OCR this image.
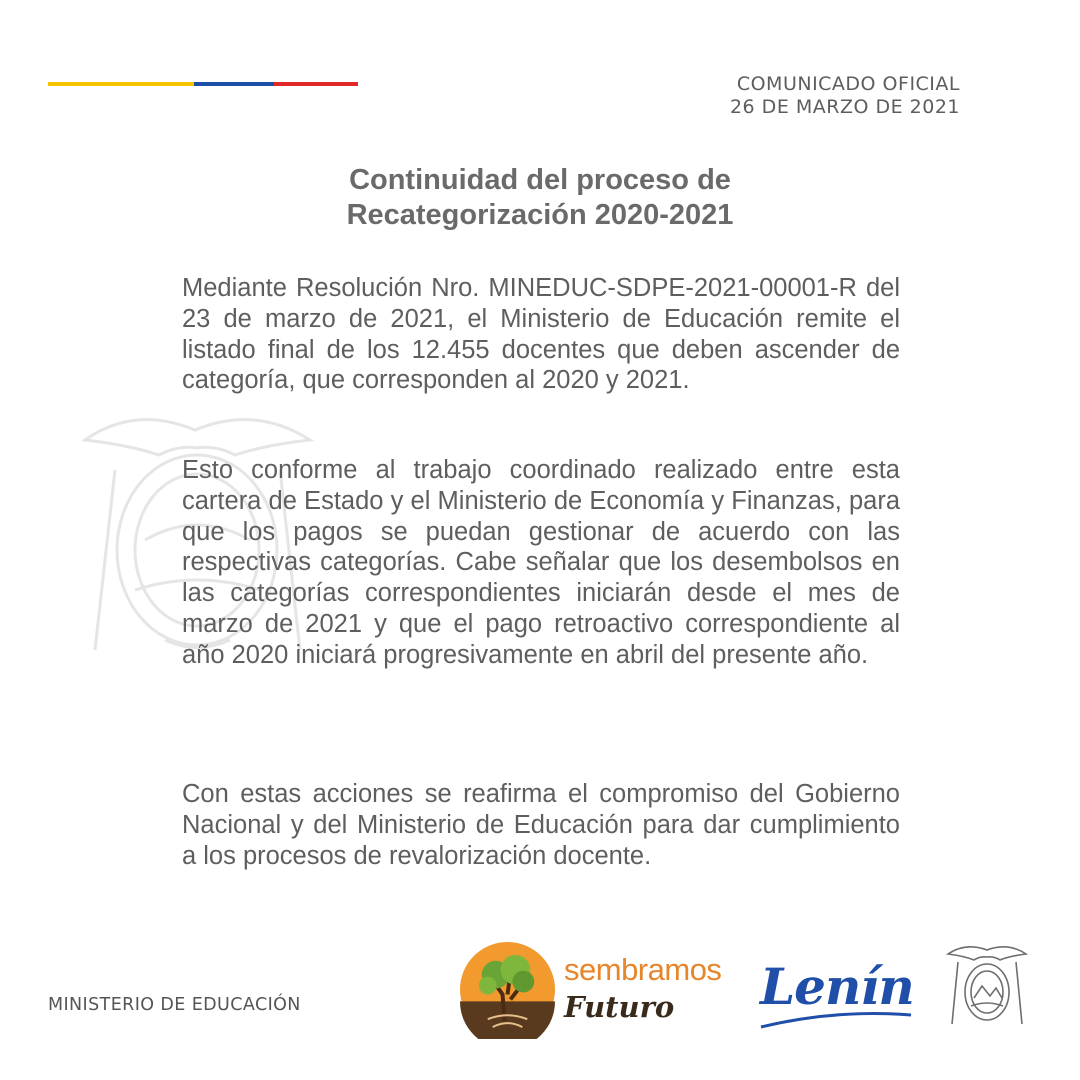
COMUNICADO OFICIAL
26 DE MARZO DE 2021
Continuidad del proceso de
Recategorización 2020-2021

Mediante Resolución Nro. MINEDUC-SDPE-2021-00001-R del 23 de marzo de 2021, el Ministerio de Educación remite el listado final de los 12.455 docentes que deben ascender de categoría, que corresponden al 2020 y 2021.

Esto conforme al trabajo coordinado realizado entre esta cartera de Estado y el Ministerio de Economía y Finanzas, para que los pagos se puedan gestionar de acuerdo con las respectivas categorías. Cabe señalar que los desembolsos en las categorías correspondientes iniciarán desde el mes de marzo de 2021 y que el pago retroactivo correspondiente al año 2020 iniciará progresivamente en abril del presente año.

Con estas acciones se reafirma el compromiso del Gobierno Nacional y del Ministerio de Educación para dar cumplimiento a los procesos de revalorización docente.

MINISTERIO DE EDUCACIÓN
sembramos
Futuro Lenín
